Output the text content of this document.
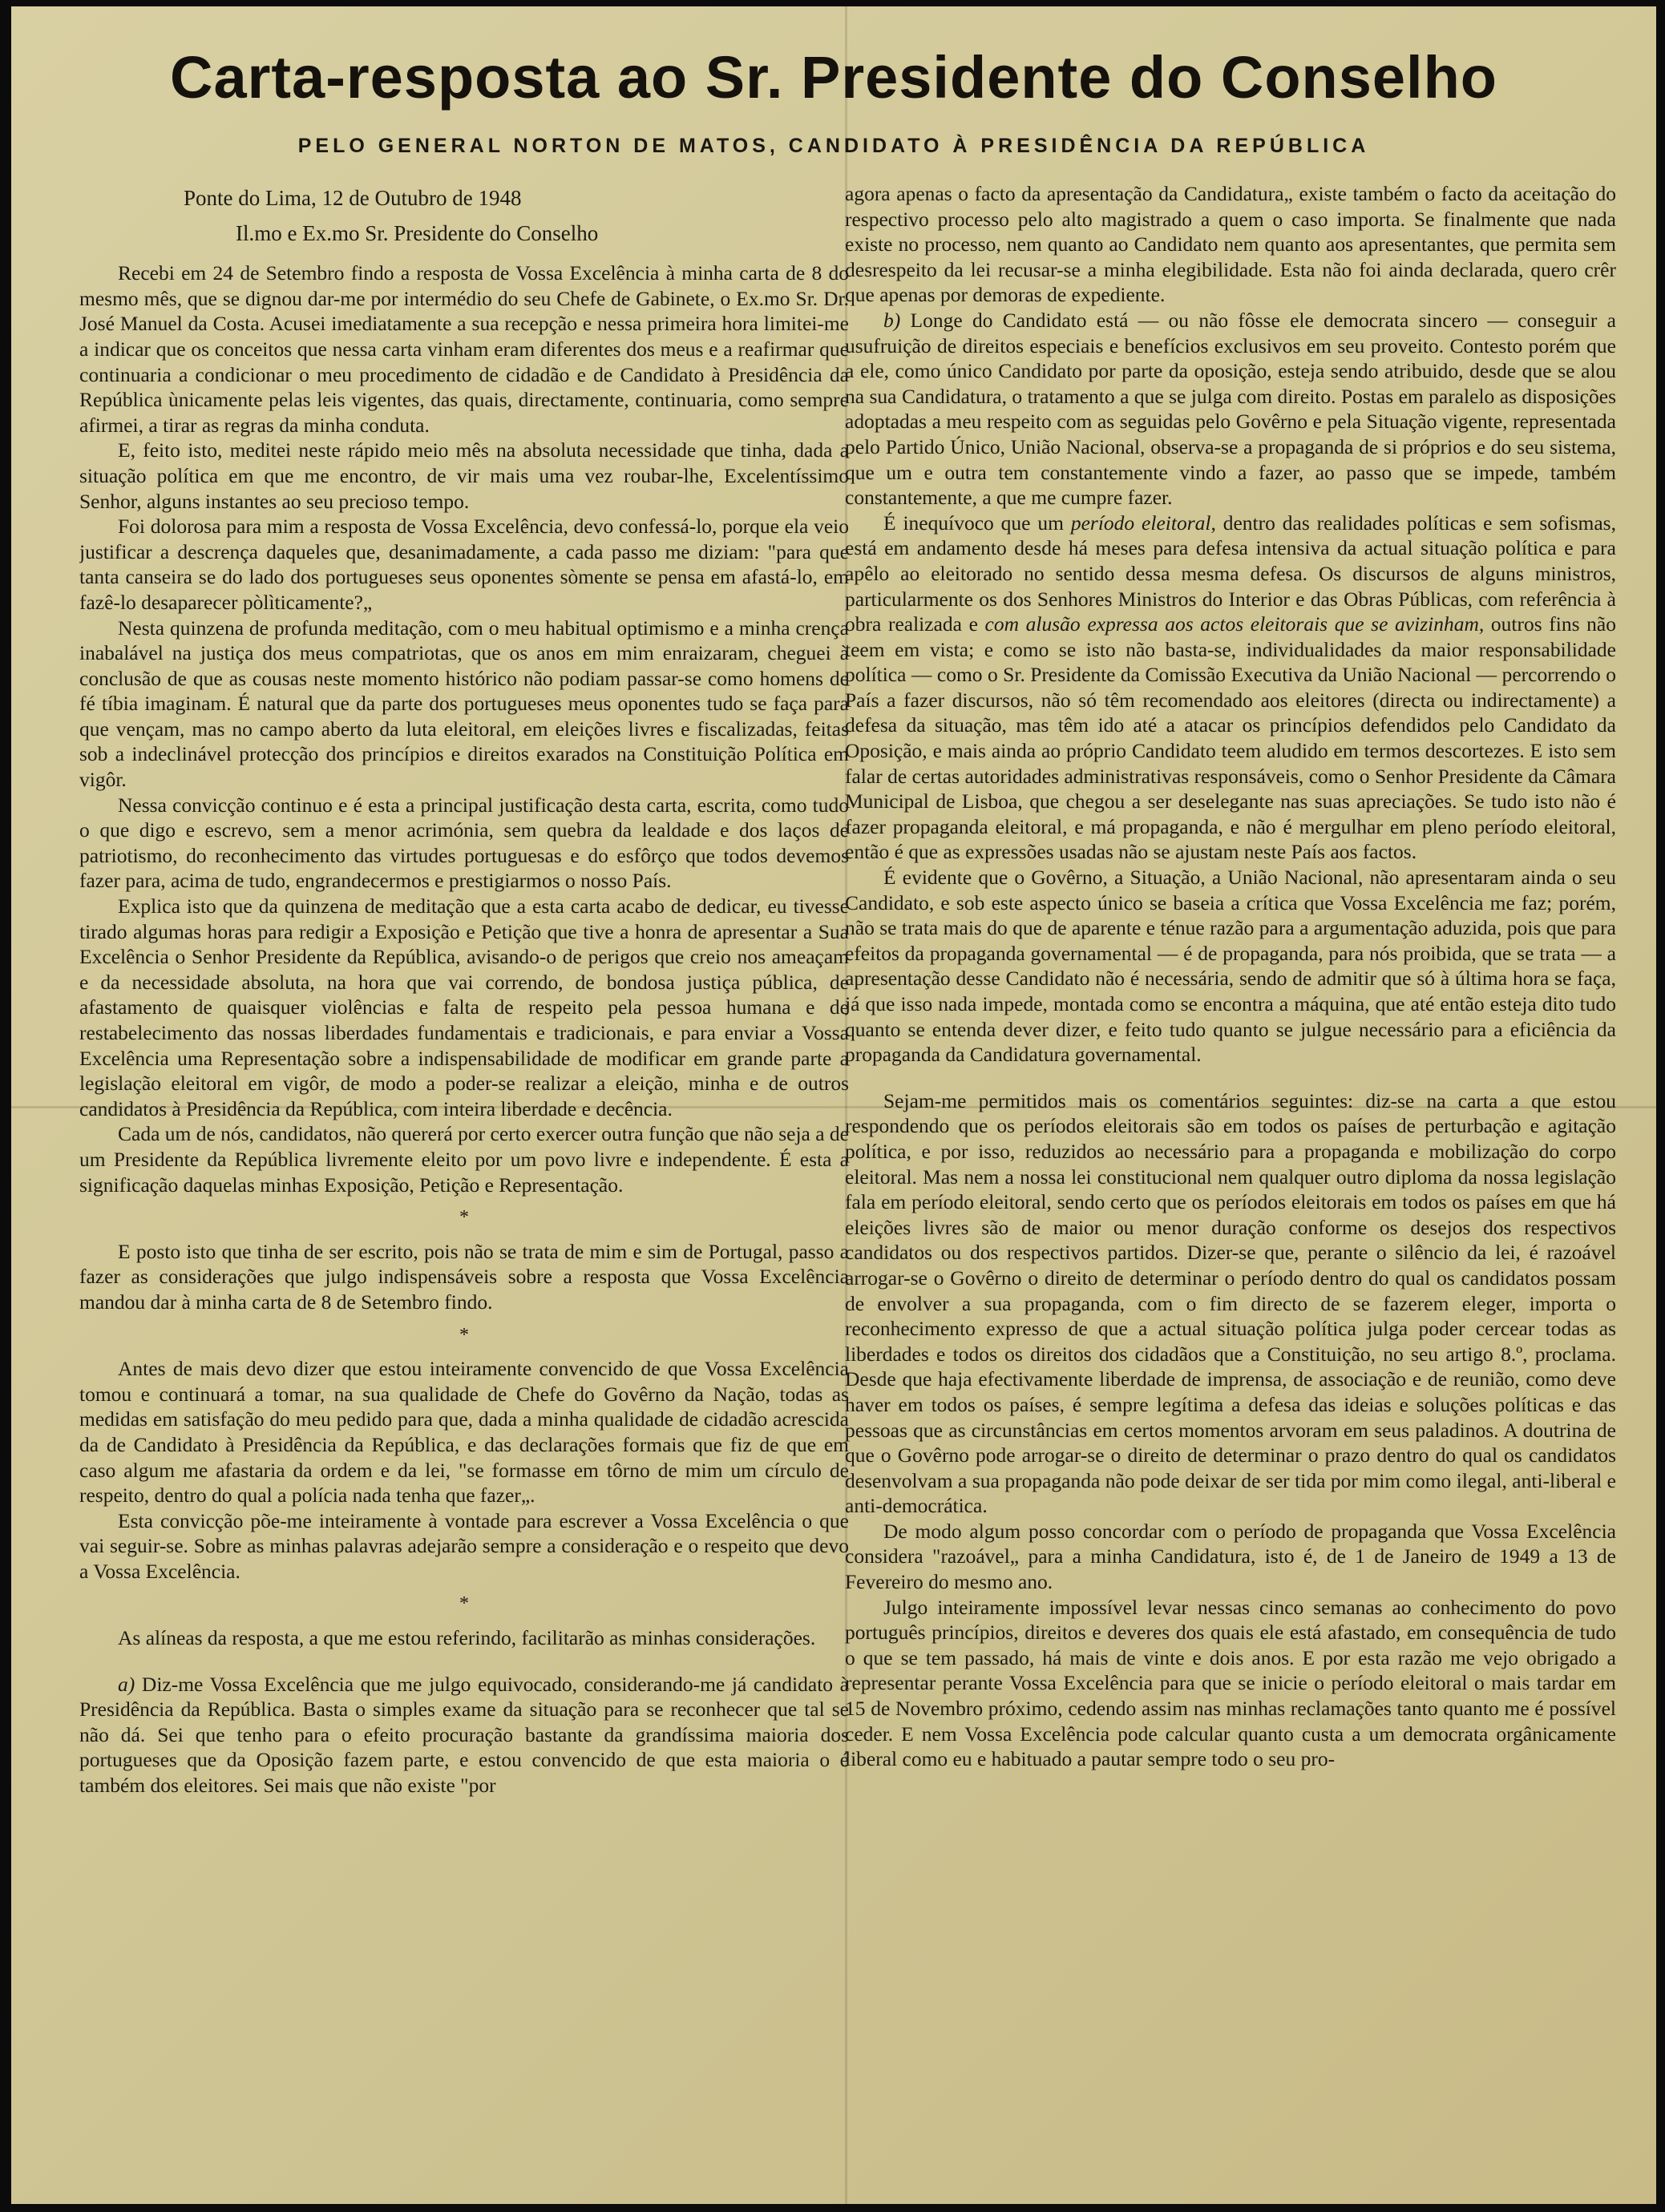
Carta-resposta ao Sr. Presidente do Conselho
PELO GENERAL NORTON DE MATOS, CANDIDATO À PRESIDÊNCIA DA REPÚBLICA

Ponte do Lima, 12 de Outubro de 1948

Il.mo e Ex.mo Sr. Presidente do Conselho

Recebi em 24 de Setembro findo a resposta de Vossa Excelência à minha carta de 8 do mesmo mês, que se dignou dar-me por intermédio do seu Chefe de Gabinete, o Ex.mo Sr. Dr. José Manuel da Costa. Acusei imediatamente a sua recepção e nessa primeira hora limitei-me a indicar que os conceitos que nessa carta vinham eram diferentes dos meus e a reafirmar que continuaria a condicionar o meu procedimento de cidadão e de Candidato à Presidência da República ùnicamente pelas leis vigentes, das quais, directamente, continuaria, como sempre afirmei, a tirar as regras da minha conduta.

E, feito isto, meditei neste rápido meio mês na absoluta necessidade que tinha, dada a situação política em que me encontro, de vir mais uma vez roubar-lhe, Excelentíssimo Senhor, alguns instantes ao seu precioso tempo.

Foi dolorosa para mim a resposta de Vossa Excelência, devo confessá-lo, porque ela veio justificar a descrença daqueles que, desanimadamente, a cada passo me diziam: "para que tanta canseira se do lado dos portugueses seus oponentes sòmente se pensa em afastá-lo, em fazê-lo desaparecer pòlìticamente?„

Nesta quinzena de profunda meditação, com o meu habitual optimismo e a minha crença inabalável na justiça dos meus compatriotas, que os anos em mim enraizaram, cheguei à conclusão de que as cousas neste momento histórico não podiam passar-se como homens de fé tíbia imaginam. É natural que da parte dos portugueses meus oponentes tudo se faça para que vençam, mas no campo aberto da luta eleitoral, em eleições livres e fiscalizadas, feitas sob a indeclinável protecção dos princípios e direitos exarados na Constituição Política em vigôr.

Nessa convicção continuo e é esta a principal justificação desta carta, escrita, como tudo o que digo e escrevo, sem a menor acrimónia, sem quebra da lealdade e dos laços de patriotismo, do reconhecimento das virtudes portuguesas e do esfôrço que todos devemos fazer para, acima de tudo, engrandecermos e prestigiarmos o nosso País.

Explica isto que da quinzena de meditação que a esta carta acabo de dedicar, eu tivesse tirado algumas horas para redigir a Exposição e Petição que tive a honra de apresentar a Sua Excelência o Senhor Presidente da República, avisando-o de perigos que creio nos ameaçam e da necessidade absoluta, na hora que vai correndo, de bondosa justiça pública, de afastamento de quaisquer violências e falta de respeito pela pessoa humana e de restabelecimento das nossas liberdades fundamentais e tradicionais, e para enviar a Vossa Excelência uma Representação sobre a indispensabilidade de modificar em grande parte a legislação eleitoral em vigôr, de modo a poder-se realizar a eleição, minha e de outros candidatos à Presidência da República, com inteira liberdade e decência.

Cada um de nós, candidatos, não quererá por certo exercer outra função que não seja a de um Presidente da República livremente eleito por um povo livre e independente. É esta a significação daquelas minhas Exposição, Petição e Representação.

*

E posto isto que tinha de ser escrito, pois não se trata de mim e sim de Portugal, passo a fazer as considerações que julgo indispensáveis sobre a resposta que Vossa Excelência mandou dar à minha carta de 8 de Setembro findo.

*

Antes de mais devo dizer que estou inteiramente convencido de que Vossa Excelência tomou e continuará a tomar, na sua qualidade de Chefe do Govêrno da Nação, todas as medidas em satisfação do meu pedido para que, dada a minha qualidade de cidadão acrescida da de Candidato à Presidência da República, e das declarações formais que fiz de que em caso algum me afastaria da ordem e da lei, "se formasse em tôrno de mim um círculo de respeito, dentro do qual a polícia nada tenha que fazer„.

Esta convicção põe-me inteiramente à vontade para escrever a Vossa Excelência o que vai seguir-se. Sobre as minhas palavras adejarão sempre a consideração e o respeito que devo a Vossa Excelência.

*

As alíneas da resposta, a que me estou referindo, facilitarão as minhas considerações.

a) Diz-me Vossa Excelência que me julgo equivocado, considerando-me já candidato à Presidência da República. Basta o simples exame da situação para se reconhecer que tal se não dá. Sei que tenho para o efeito procuração bastante da grandíssima maioria dos portugueses que da Oposição fazem parte, e estou convencido de que esta maioria o é também dos eleitores. Sei mais que não existe "por

agora apenas o facto da apresentação da Candidatura„ existe também o facto da aceitação do respectivo processo pelo alto magistrado a quem o caso importa. Se finalmente que nada existe no processo, nem quanto ao Candidato nem quanto aos apresentantes, que permita sem desrespeito da lei recusar-se a minha elegibilidade. Esta não foi ainda declarada, quero crêr que apenas por demoras de expediente.

b) Longe do Candidato está — ou não fôsse ele democrata sincero — conseguir a usufruição de direitos especiais e benefícios exclusivos em seu proveito. Contesto porém que a ele, como único Candidato por parte da oposição, esteja sendo atribuido, desde que se alou na sua Candidatura, o tratamento a que se julga com direito. Postas em paralelo as disposições adoptadas a meu respeito com as seguidas pelo Govêrno e pela Situação vigente, representada pelo Partido Único, União Nacional, observa-se a propaganda de si próprios e do seu sistema, que um e outra tem constantemente vindo a fazer, ao passo que se impede, também constantemente, a que me cumpre fazer.

É inequívoco que um período eleitoral, dentro das realidades políticas e sem sofismas, está em andamento desde há meses para defesa intensiva da actual situação política e para apêlo ao eleitorado no sentido dessa mesma defesa. Os discursos de alguns ministros, particularmente os dos Senhores Ministros do Interior e das Obras Públicas, com referência à obra realizada e com alusão expressa aos actos eleitorais que se avizinham, outros fins não teem em vista; e como se isto não basta-se, individualidades da maior responsabilidade política — como o Sr. Presidente da Comissão Executiva da União Nacional — percorrendo o País a fazer discursos, não só têm recomendado aos eleitores (directa ou indirectamente) a defesa da situação, mas têm ido até a atacar os princípios defendidos pelo Candidato da Oposição, e mais ainda ao próprio Candidato teem aludido em termos descortezes. E isto sem falar de certas autoridades administrativas responsáveis, como o Senhor Presidente da Câmara Municipal de Lisboa, que chegou a ser deselegante nas suas apreciações. Se tudo isto não é fazer propaganda eleitoral, e má propaganda, e não é mergulhar em pleno período eleitoral, então é que as expressões usadas não se ajustam neste País aos factos.

É evidente que o Govêrno, a Situação, a União Nacional, não apresentaram ainda o seu Candidato, e sob este aspecto único se baseia a crítica que Vossa Excelência me faz; porém, não se trata mais do que de aparente e ténue razão para a argumentação aduzida, pois que para efeitos da propaganda governamental — é de propaganda, para nós proibida, que se trata — a apresentação desse Candidato não é necessária, sendo de admitir que só à última hora se faça, já que isso nada impede, montada como se encontra a máquina, que até então esteja dito tudo quanto se entenda dever dizer, e feito tudo quanto se julgue necessário para a eficiência da propaganda da Candidatura governamental.

Sejam-me permitidos mais os comentários seguintes: diz-se na carta a que estou respondendo que os períodos eleitorais são em todos os países de perturbação e agitação política, e por isso, reduzidos ao necessário para a propaganda e mobilização do corpo eleitoral. Mas nem a nossa lei constitucional nem qualquer outro diploma da nossa legislação fala em período eleitoral, sendo certo que os períodos eleitorais em todos os países em que há eleições livres são de maior ou menor duração conforme os desejos dos respectivos candidatos ou dos respectivos partidos. Dizer-se que, perante o silêncio da lei, é razoável arrogar-se o Govêrno o direito de determinar o período dentro do qual os candidatos possam de envolver a sua propaganda, com o fim directo de se fazerem eleger, importa o reconhecimento expresso de que a actual situação política julga poder cercear todas as liberdades e todos os direitos dos cidadãos que a Constituição, no seu artigo 8.º, proclama. Desde que haja efectivamente liberdade de imprensa, de associação e de reunião, como deve haver em todos os países, é sempre legítima a defesa das ideias e soluções políticas e das pessoas que as circunstâncias em certos momentos arvoram em seus paladinos. A doutrina de que o Govêrno pode arrogar-se o direito de determinar o prazo dentro do qual os candidatos desenvolvam a sua propaganda não pode deixar de ser tida por mim como ilegal, anti-liberal e anti-democrática.

De modo algum posso concordar com o período de propaganda que Vossa Excelência considera "razoável„ para a minha Candidatura, isto é, de 1 de Janeiro de 1949 a 13 de Fevereiro do mesmo ano.

Julgo inteiramente impossível levar nessas cinco semanas ao conhecimento do povo português princípios, direitos e deveres dos quais ele está afastado, em consequência de tudo o que se tem passado, há mais de vinte e dois anos. E por esta razão me vejo obrigado a representar perante Vossa Excelência para que se inicie o período eleitoral o mais tardar em 15 de Novembro próximo, cedendo assim nas minhas reclamações tanto quanto me é possível ceder. E nem Vossa Excelência pode calcular quanto custa a um democrata orgânicamente liberal como eu e habituado a pautar sempre todo o seu pro-
